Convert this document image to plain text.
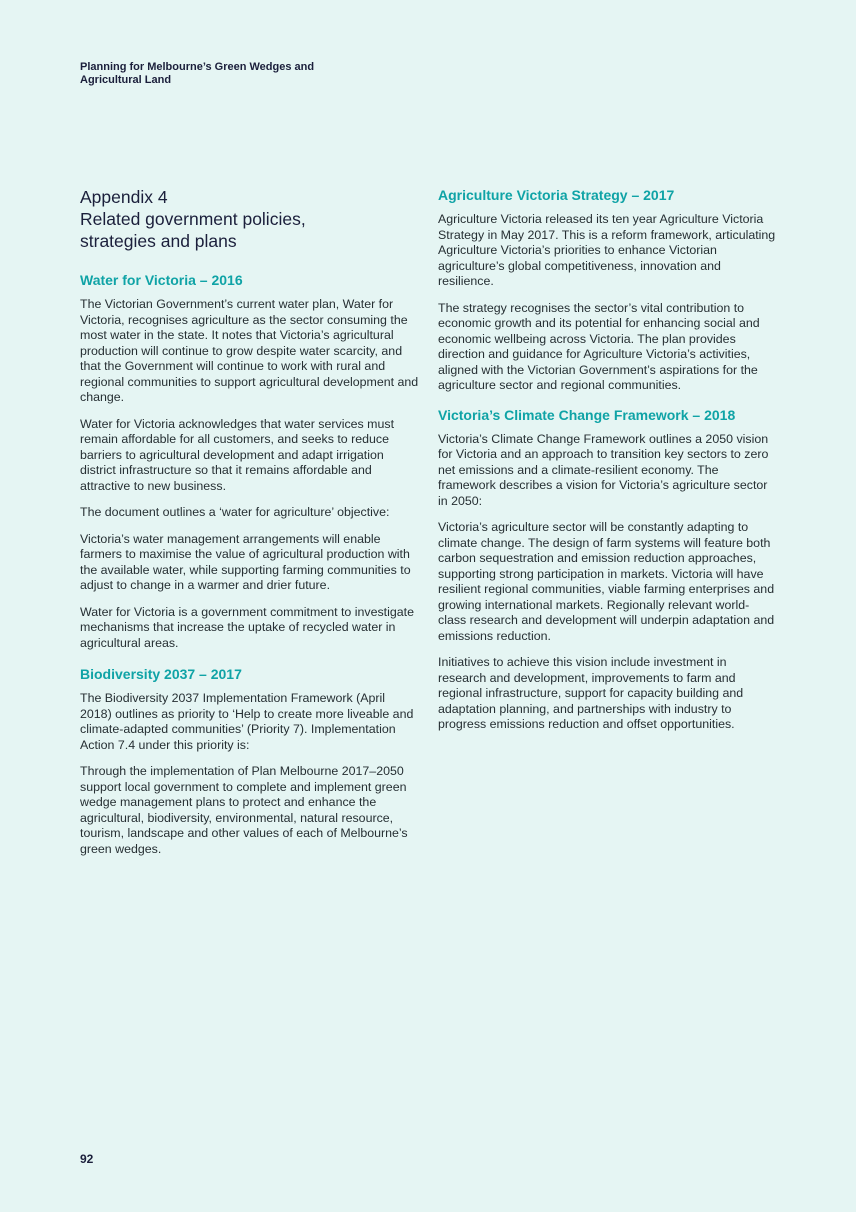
Planning for Melbourne’s Green Wedges and Agricultural Land
Appendix 4
Related government policies,
strategies and plans
Water for Victoria – 2016

The Victorian Government’s current water plan, Water for Victoria, recognises agriculture as the sector consuming the most water in the state. It notes that Victoria’s agricultural production will continue to grow despite water scarcity, and that the Government will continue to work with rural and regional communities to support agricultural development and change.

Water for Victoria acknowledges that water services must remain affordable for all customers, and seeks to reduce barriers to agricultural development and adapt irrigation district infrastructure so that it remains affordable and attractive to new business.

The document outlines a ‘water for agriculture’ objective:

Victoria’s water management arrangements will enable farmers to maximise the value of agricultural production with the available water, while supporting farming communities to adjust to change in a warmer and drier future.

Water for Victoria is a government commitment to investigate mechanisms that increase the uptake of recycled water in agricultural areas.

Biodiversity 2037 – 2017

The Biodiversity 2037 Implementation Framework (April 2018) outlines as priority to ‘Help to create more liveable and climate-adapted communities’ (Priority 7). Implementation Action 7.4 under this priority is:

Through the implementation of Plan Melbourne 2017–2050 support local government to complete and implement green wedge management plans to protect and enhance the agricultural, biodiversity, environmental, natural resource, tourism, landscape and other values of each of Melbourne’s green wedges.

Agriculture Victoria Strategy – 2017

Agriculture Victoria released its ten year Agriculture Victoria Strategy in May 2017. This is a reform framework, articulating Agriculture Victoria’s priorities to enhance Victorian agriculture’s global competitiveness, innovation and resilience.

The strategy recognises the sector’s vital contribution to economic growth and its potential for enhancing social and economic wellbeing across Victoria. The plan provides direction and guidance for Agriculture Victoria’s activities, aligned with the Victorian Government’s aspirations for the agriculture sector and regional communities.

Victoria’s Climate Change Framework – 2018

Victoria’s Climate Change Framework outlines a 2050 vision for Victoria and an approach to transition key sectors to zero net emissions and a climate-resilient economy. The framework describes a vision for Victoria’s agriculture sector in 2050:

Victoria’s agriculture sector will be constantly adapting to climate change. The design of farm systems will feature both carbon sequestration and emission reduction approaches, supporting strong participation in markets. Victoria will have resilient regional communities, viable farming enterprises and growing international markets. Regionally relevant world-class research and development will underpin adaptation and emissions reduction.

Initiatives to achieve this vision include investment in research and development, improvements to farm and regional infrastructure, support for capacity building and adaptation planning, and partnerships with industry to progress emissions reduction and offset opportunities.

92
